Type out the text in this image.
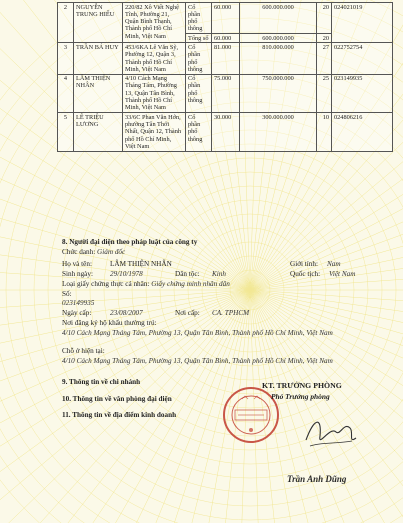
2	NGUYỄN TRUNG HIẾU	220/82 Xô Viết Nghệ Tĩnh, Phường 21, Quận Bình Thạnh, Thành phố Hồ Chí Minh, Việt Nam	Cổ phần phổ thông	60.000	600.000.000	20	024021019
			Tổng số	60.000	600.000.000	20	
3	TRẦN BÁ HUY	453/6KA Lê Văn Sỹ, Phường 12, Quận 3, Thành phố Hồ Chí Minh, Việt Nam	Cổ phần phổ thông	81.000	810.000.000	27	022752754
4	LÂM THIỆN NHÂN	4/10 Cách Mạng Tháng Tám, Phường 13, Quận Tân Bình, Thành phố Hồ Chí Minh, Việt Nam	Cổ phần phổ thông	75.000	750.000.000	25	023149935
5	LÊ TRIỆU LƯƠNG	33/6C Phan Văn Hớn, phường Tân Thới Nhất, Quận 12, Thành phố Hồ Chí Minh, Việt Nam	Cổ phần phổ thông	30.000	300.000.000	10	024806216
8. Người đại diện theo pháp luật của công ty
Chức danh: Giám đốc
Họ và tên:	LÂM THIỆN NHÂN	Giới tính: Nam
Sinh ngày: 29/10/1978	Dân tộc: Kinh	Quốc tịch: Việt Nam
Loại giấy chứng thực cá nhân: Giấy chứng minh nhân dân
Số:
023149935
Ngày cấp:	23/08/2007	Nơi cấp: CA. TPHCM
Nơi đăng ký hộ khẩu thường trú:
4/10 Cách Mạng Tháng Tám, Phường 13, Quận Tân Bình, Thành phố Hồ Chí Minh, Việt Nam
Chỗ ở hiện tại:
4/10 Cách Mạng Tháng Tám, Phường 13, Quận Tân Bình, Thành phố Hồ Chí Minh, Việt Nam
9. Thông tin về chi nhánh
10. Thông tin về văn phòng đại diện
11. Thông tin về địa điểm kinh doanh
KT. TRƯỞNG PHÒNG
Phó Trưởng phòng
Trần Anh Dũng
